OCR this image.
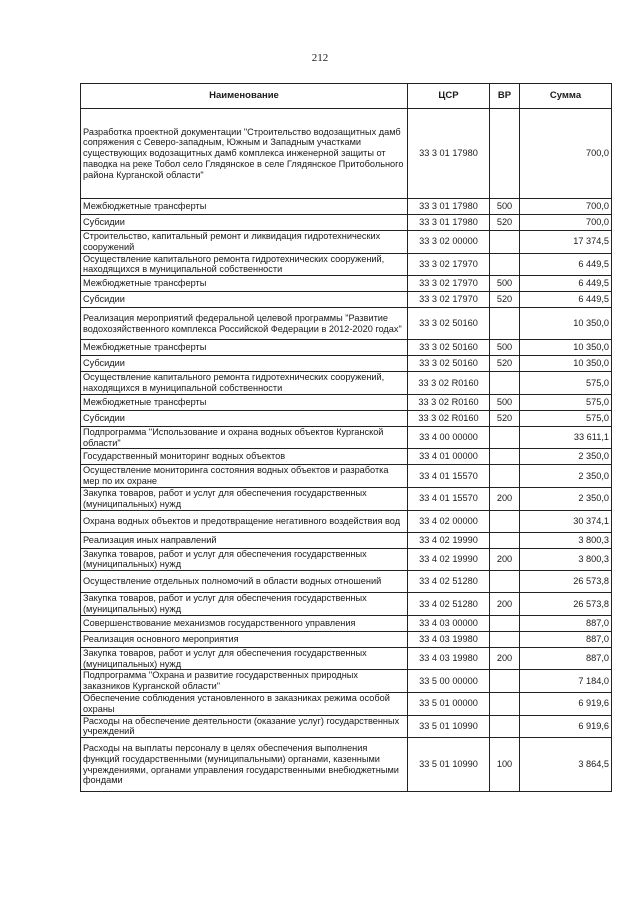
212
Наименование	ЦСР	ВР	Сумма
Разработка проектной документации "Строительство водозащитных дамб сопряжения с Северо-западным, Южным и Западным участками существующих водозащитных дамб комплекса инженерной защиты от паводка на реке Тобол село Глядянское в селе Глядянское Притобольного района Курганской области"	33 3 01 17980		700,0
Межбюджетные трансферты	33 3 01 17980	500	700,0
Субсидии	33 3 01 17980	520	700,0
Строительство, капитальный ремонт и ликвидация гидротехнических сооружений	33 3 02 00000		17 374,5
Осуществление капитального ремонта гидротехнических сооружений, находящихся в муниципальной собственности	33 3 02 17970		6 449,5
Межбюджетные трансферты	33 3 02 17970	500	6 449,5
Субсидии	33 3 02 17970	520	6 449,5
Реализация мероприятий федеральной целевой программы "Развитие водохозяйственного комплекса Российской Федерации в 2012-2020 годах"	33 3 02 50160		10 350,0
Межбюджетные трансферты	33 3 02 50160	500	10 350,0
Субсидии	33 3 02 50160	520	10 350,0
Осуществление капитального ремонта гидротехнических сооружений, находящихся в муниципальной собственности	33 3 02 R0160		575,0
Межбюджетные трансферты	33 3 02 R0160	500	575,0
Субсидии	33 3 02 R0160	520	575,0
Подпрограмма "Использование и охрана водных объектов Курганской области"	33 4 00 00000		33 611,1
Государственный мониторинг водных объектов	33 4 01 00000		2 350,0
Осуществление мониторинга состояния водных объектов и разработка мер по их охране	33 4 01 15570		2 350,0
Закупка товаров, работ и услуг для обеспечения государственных (муниципальных) нужд	33 4 01 15570	200	2 350,0
Охрана водных объектов и предотвращение негативного воздействия вод	33 4 02 00000		30 374,1
Реализация иных направлений	33 4 02 19990		3 800,3
Закупка товаров, работ и услуг для обеспечения государственных (муниципальных) нужд	33 4 02 19990	200	3 800,3
Осуществление отдельных полномочий в области водных отношений	33 4 02 51280		26 573,8
Закупка товаров, работ и услуг для обеспечения государственных (муниципальных) нужд	33 4 02 51280	200	26 573,8
Совершенствование механизмов государственного управления	33 4 03 00000		887,0
Реализация основного мероприятия	33 4 03 19980		887,0
Закупка товаров, работ и услуг для обеспечения государственных (муниципальных) нужд	33 4 03 19980	200	887,0
Подпрограмма "Охрана и развитие государственных природных заказников Курганской области"	33 5 00 00000		7 184,0
Обеспечение соблюдения установленного в заказниках режима особой охраны	33 5 01 00000		6 919,6
Расходы на обеспечение деятельности (оказание услуг) государственных учреждений	33 5 01 10990		6 919,6
Расходы на выплаты персоналу в целях обеспечения выполнения функций государственными (муниципальными) органами, казенными учреждениями, органами управления государственными внебюджетными фондами	33 5 01 10990	100	3 864,5
